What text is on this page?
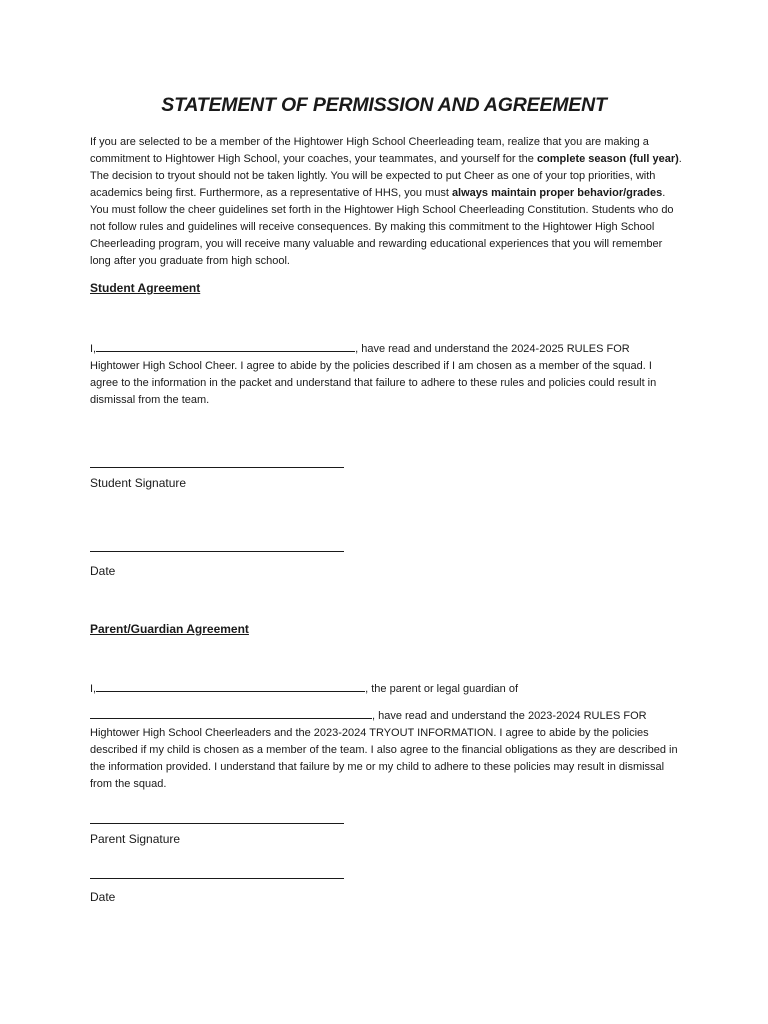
STATEMENT OF PERMISSION AND AGREEMENT

If you are selected to be a member of the Hightower High School Cheerleading team, realize that you are making a commitment to Hightower High School, your coaches, your teammates, and yourself for the complete season (full year). The decision to tryout should not be taken lightly. You will be expected to put Cheer as one of your top priorities, with academics being first. Furthermore, as a representative of HHS, you must always maintain proper behavior/grades. You must follow the cheer guidelines set forth in the Hightower High School Cheerleading Constitution. Students who do not follow rules and guidelines will receive consequences. By making this commitment to the Hightower High School Cheerleading program, you will receive many valuable and rewarding educational experiences that you will remember long after you graduate from high school.

Student Agreement

I,	, have read and understand the 2024-2025 RULES FOR Hightower High School Cheer. I agree to abide by the policies described if I am chosen as a member of the squad. I agree to the information in the packet and understand that failure to adhere to these rules and policies could result in dismissal from the team.

Student Signature

Date

Parent/Guardian Agreement

I,	, the parent or legal guardian of

, have read and understand the 2023-2024 RULES FOR Hightower High School Cheerleaders and the 2023-2024 TRYOUT INFORMATION. I agree to abide by the policies described if my child is chosen as a member of the team. I also agree to the financial obligations as they are described in the information provided. I understand that failure by me or my child to adhere to these policies may result in dismissal from the squad.

Parent Signature

Date
